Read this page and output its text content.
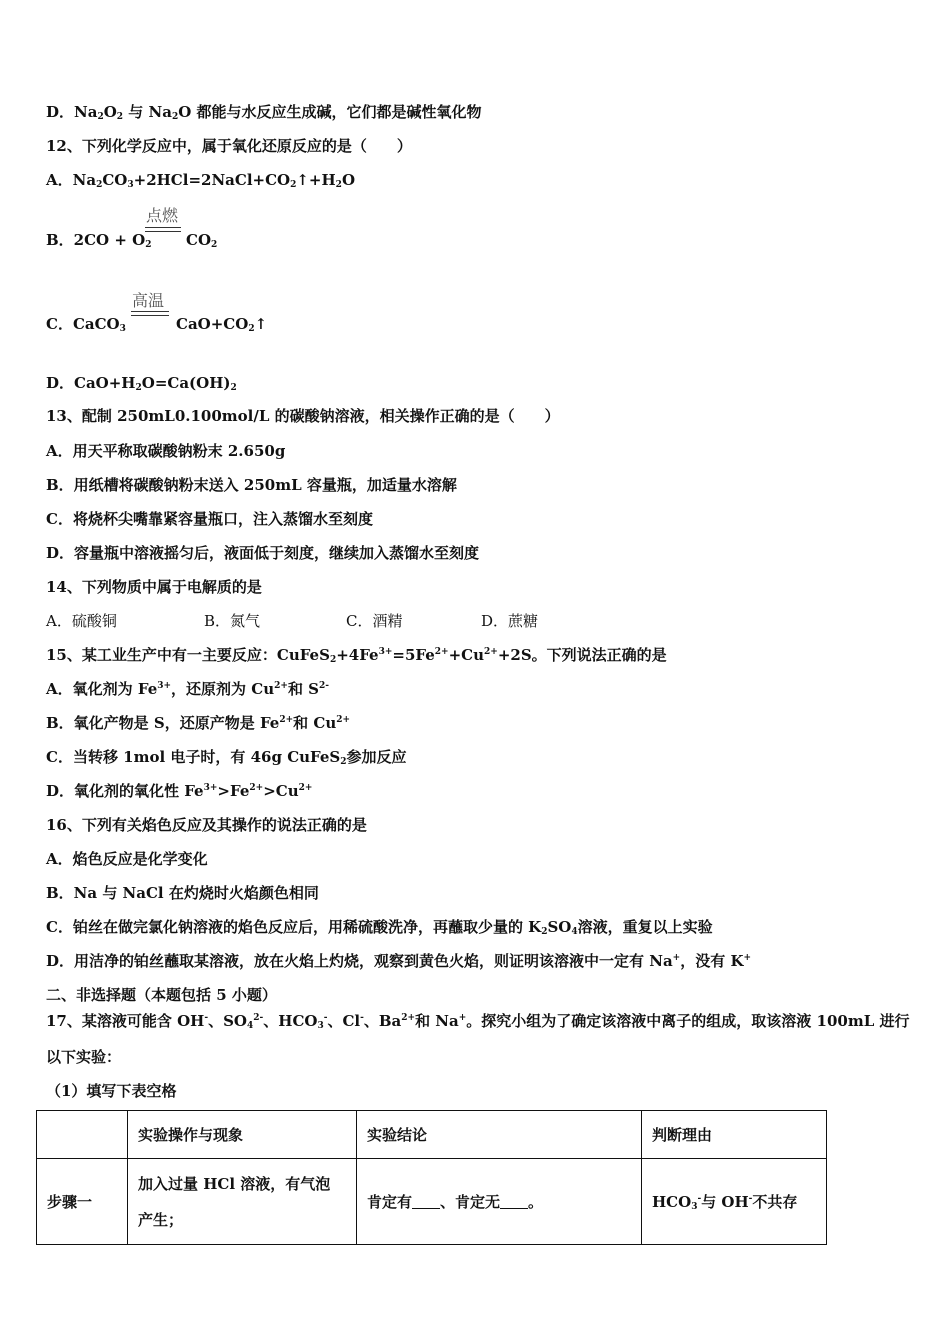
D．$Na_2O_2$ 与 $Na_2O$ 都能与水反应生成碱，它们都是碱性氧化物
12、下列化学反应中，属于氧化还原反应的是（　　）
A．$Na_2CO_3+2HCl=2NaCl+CO_2↑+H_2O$
B．$2CO + O_2$
点燃
$CO_2$
C．CaCO$_3$
高温
$CaO+CO_2↑$
D．$CaO+H_2O=Ca(OH)_2$
13、配制 250mL0.100mol/L 的碳酸钠溶液，相关操作正确的是（　　）
A．用天平称取碳酸钠粉末 2.650g
B．用纸槽将碳酸钠粉末送入 250mL 容量瓶，加适量水溶解
C．将烧杯尖嘴靠紧容量瓶口，注入蒸馏水至刻度
D．容量瓶中溶液摇匀后，液面低于刻度，继续加入蒸馏水至刻度
14、下列物质中属于电解质的是
A．硫酸铜	B．氮气	C．酒精	D．蔗糖
15、某工业生产中有一主要反应：$CuFeS_2+4Fe^{3+}=5Fe^{2+}+Cu^{2+}+2S$。下列说法正确的是
A．氧化剂为 $Fe^{3+}$，还原剂为 $Cu^{2+}$和 $S^{2-}$
B．氧化产物是 S，还原产物是 $Fe^{2+}$和 $Cu^{2+}$
C．当转移 1mol 电子时，有 46g CuFeS$_2$参加反应
D．氧化剂的氧化性 $Fe^{3+}>Fe^{2+}>Cu^{2+}$
16、下列有关焰色反应及其操作的说法正确的是
A．焰色反应是化学变化
B．Na 与 NaCl 在灼烧时火焰颜色相同
C．铂丝在做完氯化钠溶液的焰色反应后，用稀硫酸洗净，再蘸取少量的 $K_2SO_4$溶液，重复以上实验
D．用洁净的铂丝蘸取某溶液，放在火焰上灼烧，观察到黄色火焰，则证明该溶液中一定有 Na+，没有 K+
二、非选择题（本题包括 5 小题）
17、某溶液可能含 OH-、$SO_4^{2-}$、$HCO_3^-$、Cl-、$Ba^{2+}$和 Na+。探究小组为了确定该溶液中离子的组成，取该溶液 100mL 进行
以下实验：
（1）填写下表空格
	实验操作与现象	实验结论	判断理由
步骤一	加入过量 HCl 溶液，有气泡
产生；	肯定有 、肯定无 。	$HCO_3^-$与 OH-不共存
